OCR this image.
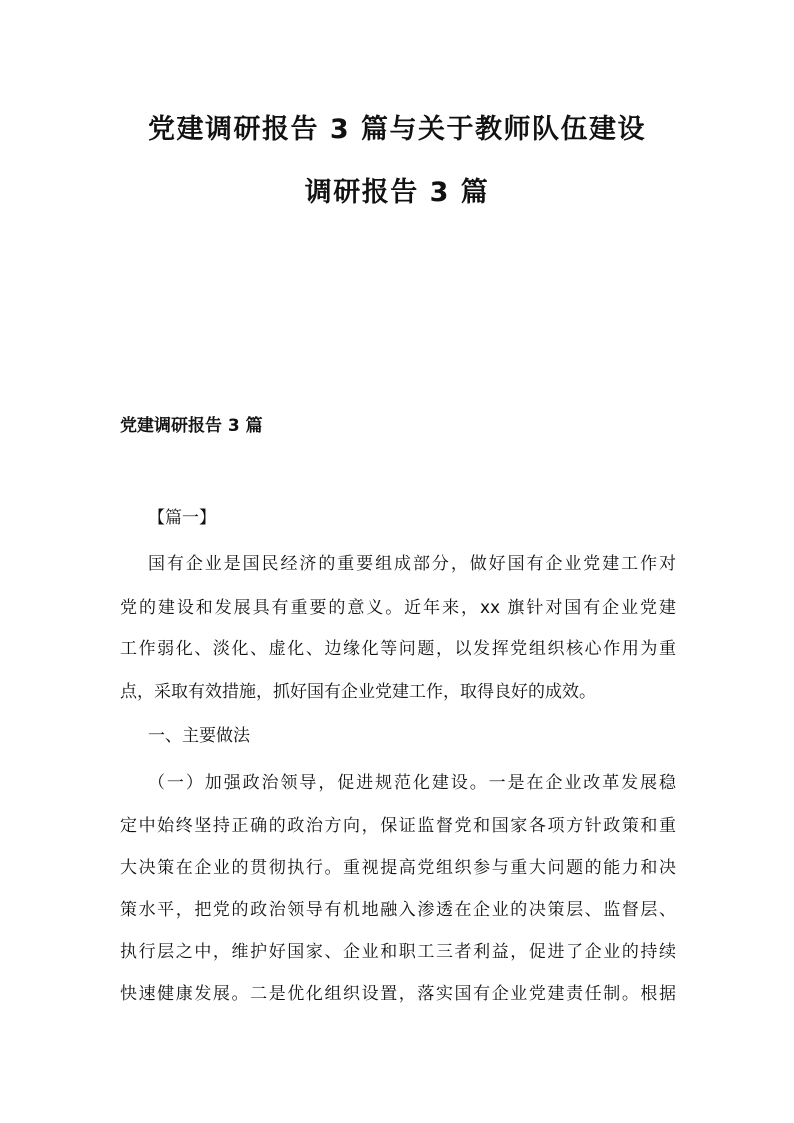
党建调研报告 3 篇与关于教师队伍建设
调研报告 3 篇
党建调研报告 3 篇

【篇一】

国有企业是国民经济的重要组成部分，做好国有企业党建工作对

党的建设和发展具有重要的意义。近年来，xx 旗针对国有企业党建

工作弱化、淡化、虚化、边缘化等问题，以发挥党组织核心作用为重

点，采取有效措施，抓好国有企业党建工作，取得良好的成效。

一、主要做法

（一）加强政治领导，促进规范化建设。一是在企业改革发展稳

定中始终坚持正确的政治方向，保证监督党和国家各项方针政策和重

大决策在企业的贯彻执行。重视提高党组织参与重大问题的能力和决

策水平，把党的政治领导有机地融入渗透在企业的决策层、监督层、

执行层之中，维护好国家、企业和职工三者利益，促进了企业的持续

快速健康发展。二是优化组织设置，落实国有企业党建责任制。根据
